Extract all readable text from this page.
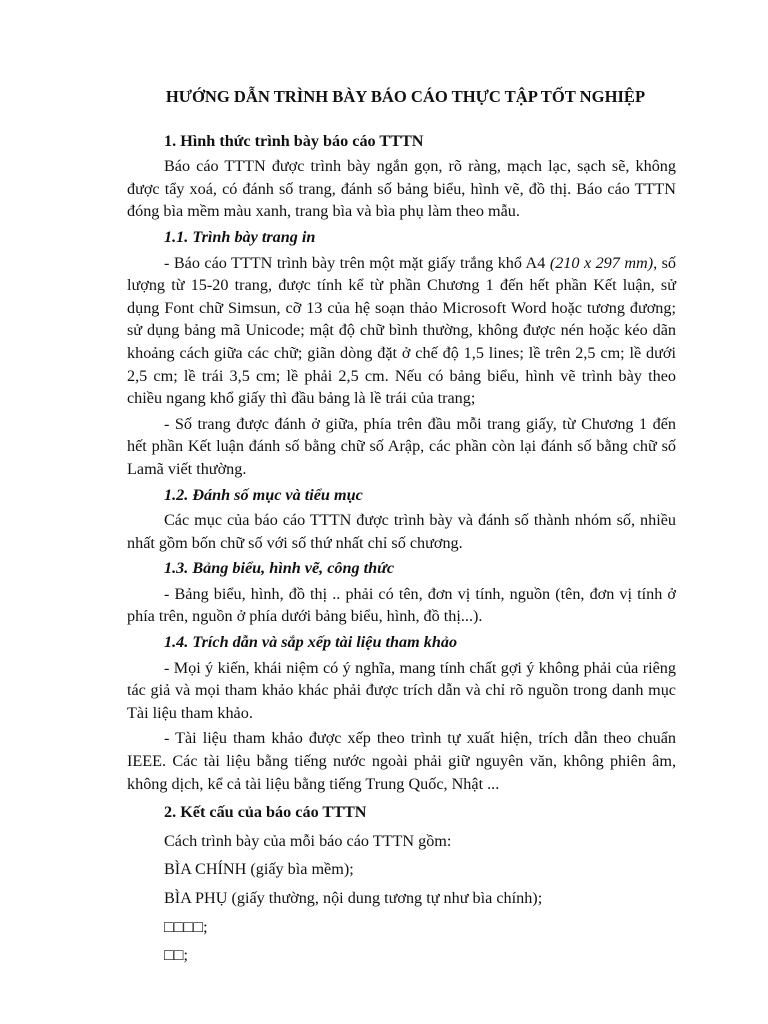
HƯỚNG DẪN TRÌNH BÀY BÁO CÁO THỰC TẬP TỐT NGHIỆP
1. Hình thức trình bày báo cáo TTTN
Báo cáo TTTN được trình bày ngắn gọn, rõ ràng, mạch lạc, sạch sẽ, không được tẩy xoá, có đánh số trang, đánh số bảng biểu, hình vẽ, đồ thị. Báo cáo TTTN đóng bìa mềm màu xanh, trang bìa và bìa phụ làm theo mẫu.
1.1. Trình bày trang in
- Báo cáo TTTN trình bày trên một mặt giấy trắng khổ A4 (210 x 297 mm), số lượng từ 15-20 trang, được tính kể từ phần Chương 1 đến hết phần Kết luận, sử dụng Font chữ Simsun, cỡ 13 của hệ soạn thảo Microsoft Word hoặc tương đương; sử dụng bảng mã Unicode; mật độ chữ bình thường, không được nén hoặc kéo dãn khoảng cách giữa các chữ; giãn dòng đặt ở chế độ 1,5 lines; lề trên 2,5 cm; lề dưới 2,5 cm; lề trái 3,5 cm; lề phải 2,5 cm. Nếu có bảng biểu, hình vẽ trình bày theo chiều ngang khổ giấy thì đầu bảng là lề trái của trang;
- Số trang được đánh ở giữa, phía trên đầu mỗi trang giấy, từ Chương 1 đến hết phần Kết luận đánh số bằng chữ số Arập, các phần còn lại đánh số bằng chữ số Lamã viết thường.
1.2. Đánh số mục và tiểu mục
Các mục của báo cáo TTTN được trình bày và đánh số thành nhóm số, nhiều nhất gồm bốn chữ số với số thứ nhất chỉ số chương.
1.3. Bảng biểu, hình vẽ, công thức
- Bảng biểu, hình, đồ thị .. phải có tên, đơn vị tính, nguồn (tên, đơn vị tính ở phía trên, nguồn ở phía dưới bảng biểu, hình, đồ thị...).
1.4. Trích dẫn và sắp xếp tài liệu tham khảo
- Mọi ý kiến, khái niệm có ý nghĩa, mang tính chất gợi ý không phải của riêng tác giả và mọi tham khảo khác phải được trích dẫn và chỉ rõ nguồn trong danh mục Tài liệu tham khảo.
- Tài liệu tham khảo được xếp theo trình tự xuất hiện, trích dẫn theo chuẩn IEEE. Các tài liệu bằng tiếng nước ngoài phải giữ nguyên văn, không phiên âm, không dịch, kể cả tài liệu bằng tiếng Trung Quốc, Nhật ...
2. Kết cấu của báo cáo TTTN
Cách trình bày của mỗi báo cáo TTTN gồm:
BÌA CHÍNH (giấy bìa mềm);
BÌA PHỤ (giấy thường, nội dung tương tự như bìa chính);
□□□□;
□□;
